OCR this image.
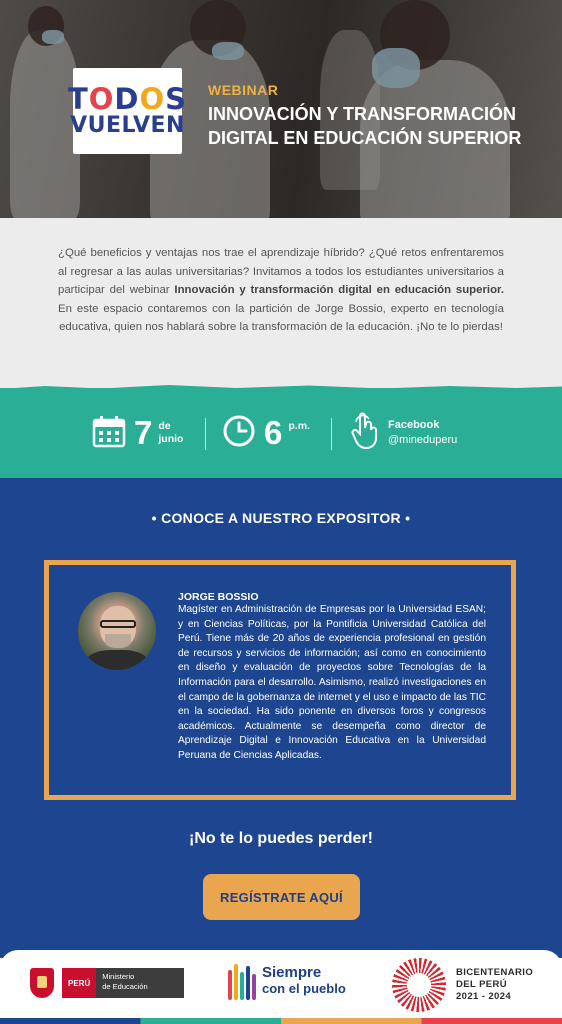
TODOS
VUELVEN
WEBINAR
INNOVACIÓN Y TRANSFORMACIÓN DIGITAL EN EDUCACIÓN SUPERIOR

¿Qué beneficios y ventajas nos trae el aprendizaje híbrido? ¿Qué retos enfrentaremos al regresar a las aulas universitarias? Invitamos a todos los estudiantes universitarios a participar del webinar Innovación y transformación digital en educación superior. En este espacio contaremos con la partición de Jorge Bossio, experto en tecnología educativa, quien nos hablará sobre la transformación de la educación. ¡No te lo pierdas!

7 de
junio 6 p.m.	Facebook
@mineduperu
• CONOCE A NUESTRO EXPOSITOR •
JORGE BOSSIO
Magíster en Administración de Empresas por la Universidad ESAN; y en Ciencias Políticas, por la Pontificia Universidad Católica del Perú. Tiene más de 20 años de experiencia profesional en gestión de recursos y servicios de información; así como en conocimiento en diseño y evaluación de proyectos sobre Tecnologías de la Información para el desarrollo. Asimismo, realizó investigaciones en el campo de la gobernanza de internet y el uso e impacto de las TIC en la sociedad. Ha sido ponente en diversos foros y congresos académicos. Actualmente se desempeña como director de Aprendizaje Digital e Innovación Educativa en la Universidad Peruana de Ciencias Aplicadas.
¡No te lo puedes perder!
REGÍSTRATE AQUÍ
PERÚ
Ministerio
de Educación
Siempre
con el pueblo
BICENTENARIO
DEL PERÚ
2021 - 2024
